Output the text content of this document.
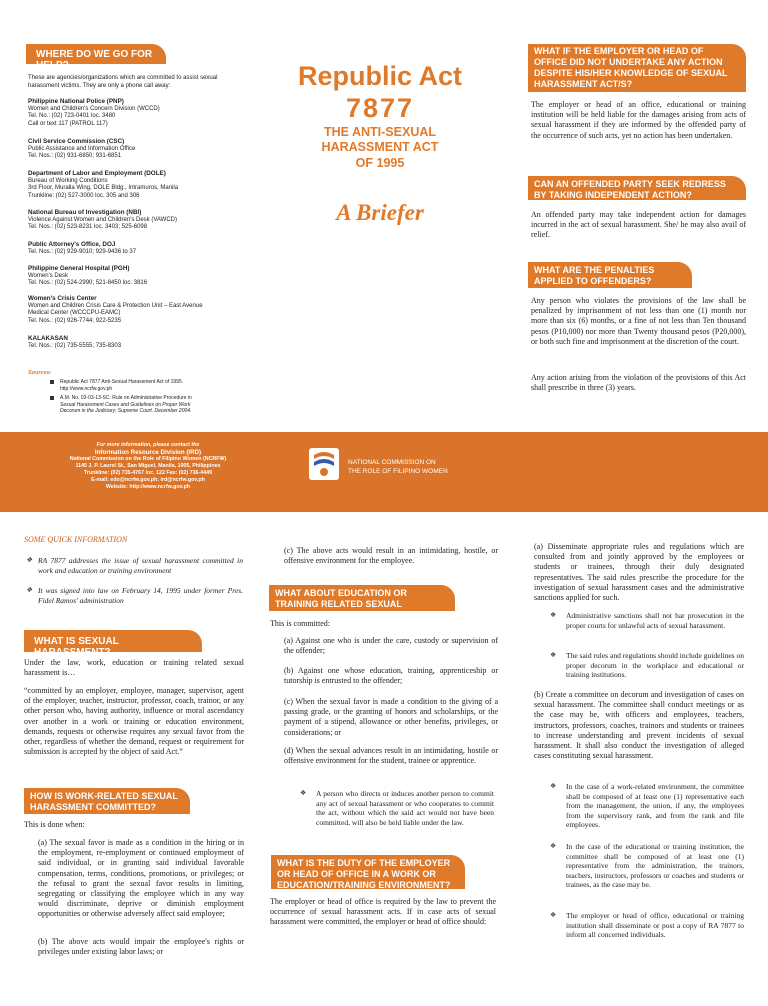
WHERE DO WE GO FOR HELP?
These are agencies/organizations which are committed to assist sexual harassment victims. They are only a phone call away:
Philippine National Police (PNP)
Women and Children's Concern Division (WCCD)
Tel. No.: (02) 723-0401 loc. 3480
Call or text 117 (PATROL 117)
Civil Service Commission (CSC)
Public Assistance and Information Office
Tel. Nos.: (02) 931-6850; 931-6851
Department of Labor and Employment (DOLE)
Bureau of Working Conditions
3rd Floor, Muralla Wing, DOLE Bldg., Intramuros, Manila
Trunkline: (02) 527-3000 loc. 305 and 306
National Bureau of Investigation (NBI)
Violence Against Women and Children's Desk (VAWCD)
Tel. Nos.: (02) 523-8231 loc. 3403; 525-6098
Public Attorney's Office, DOJ
Tel. Nos.: (02) 929-9010; 929-9436 to 37
Philippine General Hospital (PGH)
Women's Desk
Tel. Nos.: (02) 524-2990; 521-8450 loc. 3816
Women's Crisis Center
Women and Children Crisis Care & Protection Unit – East Avenue
Medical Center (WCCCPU-EAMC)
Tel. Nos.: (02) 926-7744; 922-5235
KALAKASAN
Tel. Nos.: (02) 735-5555; 735-8303
Sources:
Republic Act 7877 Anti-Sexual Harassment Act of 1995.
http://www.ncrfw.gov.ph
A.M. No. 03-03-13-SC: Rule on Administrative Procedure in
Sexual Harassment Cases and Guidelines on Proper Work
Decorum in the Judiciary; Supreme Court. December 2004.
Republic Act
7877
THE ANTI-SEXUAL
HARASSMENT ACT
OF 1995
A Briefer
WHAT IF THE EMPLOYER OR HEAD OF OFFICE DID NOT UNDERTAKE ANY ACTION DESPITE HIS/HER KNOWLEDGE OF SEXUAL HARASSMENT ACT/S?
The employer or head of an office, educational or training institution will be held liable for the damages arising from acts of sexual harassment if they are informed by the offended party of the occurrence of such acts, yet no action has been undertaken.
CAN AN OFFENDED PARTY SEEK REDRESS BY TAKING INDEPENDENT ACTION?
An offended party may take independent action for damages incurred in the act of sexual harassment. She/ he may also avail of relief.
WHAT ARE THE PENALTIES APPLIED TO OFFENDERS?
Any person who violates the provisions of the law shall be penalized by imprisonment of not less than one (1) month nor more than six (6) months, or a fine of not less than Ten thousand pesos (P10,000) nor more than Twenty thousand pesos (P20,000), or both such fine and imprisonment at the discretion of the court.
Any action arising from the violation of the provisions of this Act shall prescribe in three (3) years.
For more information, please contact the
Information Resource Division (IRD)
National Commission on the Role of Filipino Women (NCRFW)
1145 J. P. Laurel St., San Miguel, Manila, 1005, Philippines
Trunkline: (02) 735-4767 loc. 122 Fax: (02) 736-4449
E-mail: edo@ncrfw.gov.ph; ird@ncrfw.gov.ph
Website: http://www.ncrfw.gov.ph
NATIONAL COMMISSION ON
THE ROLE OF FILIPINO WOMEN
SOME QUICK INFORMATION
❖ RA 7877 addresses the issue of sexual harassment committed in work and education or training environment
❖ It was signed into law on February 14, 1995 under former Pres. Fidel Ramos' administration
WHAT IS SEXUAL HARASSMENT?
Under the law, work, education or training related sexual harassment is…
“committed by an employer, employee, manager, supervisor, agent of the employer, teacher, instructor, professor, coach, trainor, or any other person who, having authority, influence or moral ascendancy over another in a work or training or education environment, demands, requests or otherwise requires any sexual favor from the other, regardless of whether the demand, request or requirement for submission is accepted by the object of said Act.”
HOW IS WORK-RELATED SEXUAL HARASSMENT COMMITTED?
This is done when:
(a) The sexual favor is made as a condition in the hiring or in the employment, re-employment or continued employment of said individual, or in granting said individual favorable compensation, terms, conditions, promotions, or privileges; or the refusal to grant the sexual favor results in limiting, segregating or classifying the employee which in any way would discriminate, deprive or diminish employment opportunities or otherwise adversely affect said employee;
(b) The above acts would impair the employee's rights or privileges under existing labor laws; or
(c) The above acts would result in an intimidating, hostile, or offensive environment for the employee.
WHAT ABOUT EDUCATION OR TRAINING RELATED SEXUAL HARASSMENT?
This is committed:
(a) Against one who is under the care, custody or supervision of the offender;
(b) Against one whose education, training, apprenticeship or tutorship is entrusted to the offender;
(c) When the sexual favor is made a condition to the giving of a passing grade, or the granting of honors and scholarships, or the payment of a stipend, allowance or other benefits, privileges, or considerations; or
(d) When the sexual advances result in an intimidating, hostile or offensive environment for the student, trainee or apprentice.
❖ A person who directs or induces another person to commit any act of sexual harassment or who cooperates to commit the act, without which the said act would not have been committed, will also be held liable under the law.
WHAT IS THE DUTY OF THE EMPLOYER OR HEAD OF OFFICE IN A WORK OR EDUCATION/TRAINING ENVIRONMENT?
The employer or head of office is required by the law to prevent the occurrence of sexual harassment acts. If in case acts of sexual harassment were committed, the employer or head of office should:
(a) Disseminate appropriate rules and regulations which are consulted from and jointly approved by the employees or students or trainees, through their duly designated representatives. The said rules prescribe the procedure for the investigation of sexual harassment cases and the administrative sanctions applied for such.
❖ Administrative sanctions shall not bar prosecution in the proper courts for unlawful acts of sexual harassment.
❖ The said rules and regulations should include guidelines on proper decorum in the workplace and educational or training institutions.
(b) Create a committee on decorum and investigation of cases on sexual harassment. The committee shall conduct meetings or as the case may be, with officers and employees, teachers, instructors, professors, coaches, trainors and students or trainees to increase understanding and prevent incidents of sexual harassment. It shall also conduct the investigation of alleged cases constituting sexual harassment.
❖ In the case of a work-related environment, the committee shall be composed of at least one (1) representative each from the management, the union, if any, the employees from the supervisory rank, and from the rank and file employees.
❖ In the case of the educational or training institution, the committee shall be composed of at least one (1) representative from the administration, the trainors, teachers, instructors, professors or coaches and students or trainees, as the case may be.
❖ The employer or head of office, educational or training institution shall disseminate or post a copy of RA 7877 to inform all concerned individuals.
